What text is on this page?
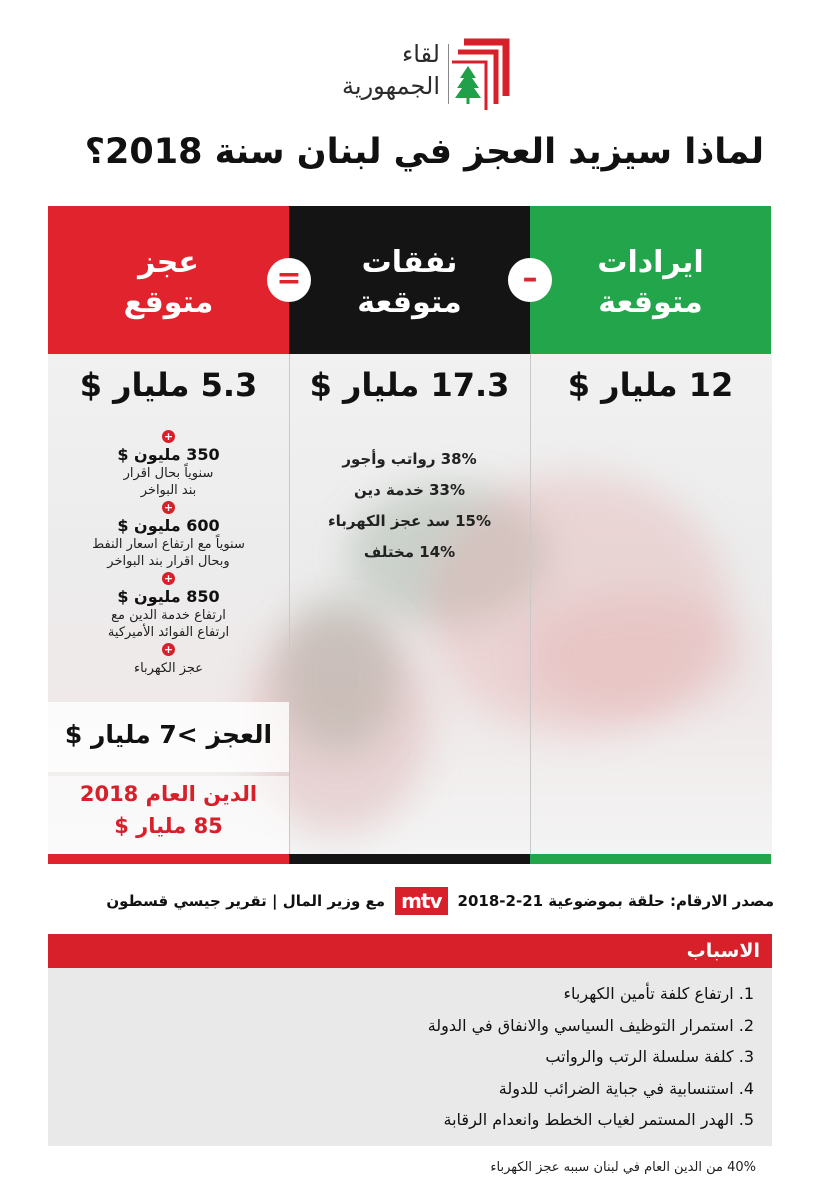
لقاء
الجمهورية
لماذا سيزيد العجز في لبنان سنة 2018؟
عجز
متوقع
نفقات
متوقعة
ايرادات
متوقعة
=	–
5.3 مليار $	17.3 مليار $	12 مليار $
38% رواتب وأجور
33% خدمة دين
15% سد عجز الكهرباء
14% مختلف
+
350 مليون $
سنوياً بحال اقرار
بند البواخر
+
600 مليون $
سنوياً مع ارتفاع اسعار النفط
وبحال اقرار بند البواخر
+
850 مليون $
ارتفاع خدمة الدين مع
ارتفاع الفوائد الأميركية
+
عجز الكهرباء
العجز >7 مليار $
الدين العام 2018
85 مليار $
مصدر الارقام: حلقة بموضوعية 21-2-2018
mtv
مع وزير المال | تقرير جيسي قسطون
الاسباب
1. ارتفاع كلفة تأمين الكهرباء
2. استمرار التوظيف السياسي والانفاق في الدولة
3. كلفة سلسلة الرتب والرواتب
4. استنسابية في جباية الضرائب للدولة
5. الهدر المستمر لغياب الخطط وانعدام الرقابة
40% من الدين العام في لبنان سببه عجز الكهرباء
